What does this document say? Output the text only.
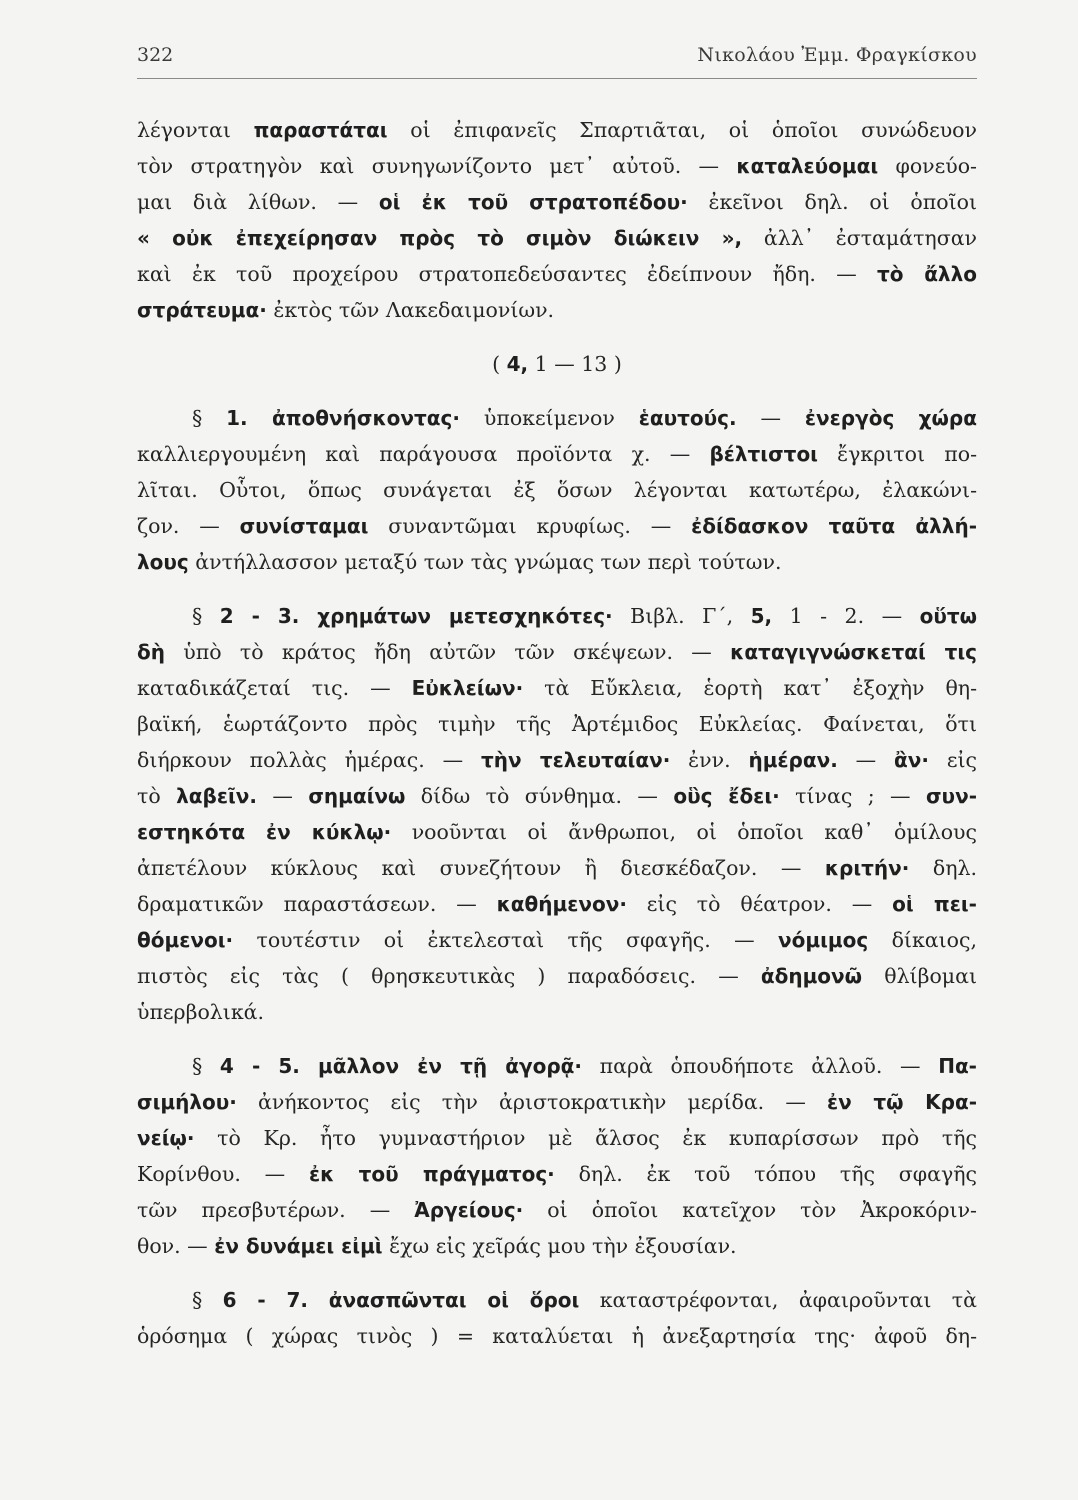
322	Νικολάου Ἐμμ. Φραγκίσκου
λέγονται παραστάται οἱ ἐπιφανεῖς Σπαρτιᾶται, οἱ ὁποῖοι συνώδευον
τὸν στρατηγὸν καὶ συνηγωνίζοντο μετ᾽ αὐτοῦ. — καταλεύομαι φονεύο-
μαι διὰ λίθων. — οἱ ἐκ τοῦ στρατοπέδου· ἐκεῖνοι δηλ. οἱ ὁποῖοι
« οὐκ ἐπεχείρησαν πρὸς τὸ σιμὸν διώκειν », ἀλλ᾽ ἐσταμάτησαν
καὶ ἐκ τοῦ προχείρου στρατοπεδεύσαντες ἐδείπνουν ἤδη. — τὸ ἄλλο
στράτευμα· ἐκτὸς τῶν Λακεδαιμονίων.
( 4, 1 — 13 )
§ 1. ἀποθνήσκοντας· ὑποκείμενον ἑαυτούς. — ἐνεργὸς χώρα
καλλιεργουμένη καὶ παράγουσα προϊόντα χ. — βέλτιστοι ἔγκριτοι πο-
λῖται. Οὗτοι, ὅπως συνάγεται ἐξ ὅσων λέγονται κατωτέρω, ἐλακώνι-
ζον. — συνίσταμαι συναντῶμαι κρυφίως. — ἐδίδασκον ταῦτα ἀλλή-
λους ἀντήλλασσον μεταξύ των τὰς γνώμας των περὶ τούτων.
§ 2 - 3. χρημάτων μετεσχηκότες· Βιβλ. Γ΄, 5, 1 - 2. — οὕτω
δὴ ὑπὸ τὸ κράτος ἤδη αὐτῶν τῶν σκέψεων. — καταγιγνώσκεταί τις
καταδικάζεταί τις. — Εὐκλείων· τὰ Εὔκλεια, ἑορτὴ κατ᾽ ἐξοχὴν θη-
βαϊκή, ἑωρτάζοντο πρὸς τιμὴν τῆς Ἀρτέμιδος Εὐκλείας. Φαίνεται, ὅτι
διήρκουν πολλὰς ἡμέρας. — τὴν τελευταίαν· ἐνν. ἡμέραν. — ἂν· εἰς
τὸ λαβεῖν. — σημαίνω δίδω τὸ σύνθημα. — οὓς ἔδει· τίνας ; — συν-
εστηκότα ἐν κύκλῳ· νοοῦνται οἱ ἄνθρωποι, οἱ ὁποῖοι καθ᾽ ὁμίλους
ἀπετέλουν κύκλους καὶ συνεζήτουν ἢ διεσκέδαζον. — κριτήν· δηλ.
δραματικῶν παραστάσεων. — καθήμενον· εἰς τὸ θέατρον. — οἱ πει-
θόμενοι· τουτέστιν οἱ ἐκτελεσταὶ τῆς σφαγῆς. — νόμιμος δίκαιος,
πιστὸς εἰς τὰς ( θρησκευτικὰς ) παραδόσεις. — ἀδημονῶ θλίβομαι
ὑπερβολικά.
§ 4 - 5. μᾶλλον ἐν τῇ ἀγορᾷ· παρὰ ὁπουδήποτε ἀλλοῦ. — Πα-
σιμήλου· ἀνήκοντος εἰς τὴν ἀριστοκρατικὴν μερίδα. — ἐν τῷ Κρα-
νείῳ· τὸ Κρ. ἦτο γυμναστήριον μὲ ἄλσος ἐκ κυπαρίσσων πρὸ τῆς
Κορίνθου. — ἐκ τοῦ πράγματος· δηλ. ἐκ τοῦ τόπου τῆς σφαγῆς
τῶν πρεσβυτέρων. — Ἀργείους· οἱ ὁποῖοι κατεῖχον τὸν Ἀκροκόριν-
θον. — ἐν δυνάμει εἰμὶ ἔχω εἰς χεῖράς μου τὴν ἐξουσίαν.
§ 6 - 7. ἀνασπῶνται οἱ ὅροι καταστρέφονται, ἀφαιροῦνται τὰ
ὁρόσημα ( χώρας τινὸς ) = καταλύεται ἡ ἀνεξαρτησία της· ἀφοῦ δη-
